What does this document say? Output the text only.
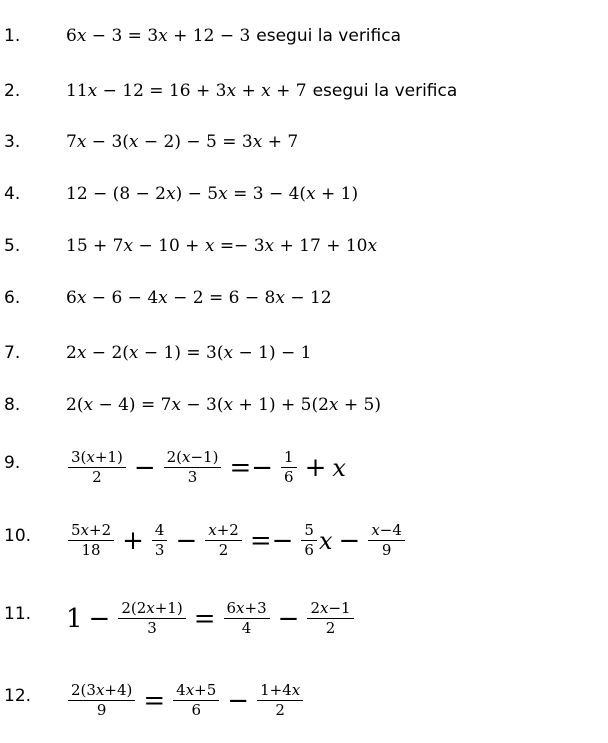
1.	6𝑥 − 3 = 3𝑥 + 12 − 3 esegui la verifica
2.	11𝑥 − 12 = 16 + 3𝑥 + 𝑥 + 7 esegui la verifica
3.	7𝑥 − 3(𝑥 − 2) − 5 = 3𝑥 + 7
4.	12 − (8 − 2𝑥) − 5𝑥 = 3 − 4(𝑥 + 1)
5.	15 + 7𝑥 − 10 + 𝑥 =− 3𝑥 + 17 + 10𝑥
6.	6𝑥 − 6 − 4𝑥 − 2 = 6 − 8𝑥 − 12
7.	2𝑥 − 2(𝑥 − 1) = 3(𝑥 − 1) − 1
8.	2(𝑥 − 4) = 7𝑥 − 3(𝑥 + 1) + 5(2𝑥 + 5)
9.	$\frac{\text{3(𝑥+1)}}{2} - \frac{\text{2(𝑥−1)}}{3} =- \frac{1}{6}$ + 𝑥
10. $\frac{\text{5𝑥+2}}{18} + \frac{4}{3} - \frac{\text{𝑥+2}}{2} =- \frac{5}{6}$ 𝑥 − $\frac{\text{𝑥−4}}{9}$
11. $1 - \frac{\text{2(2𝑥+1)}}{3} = \frac{\text{6𝑥+3}}{4} - \frac{\text{2𝑥−1}}{2}$
12. $\frac{\text{2(3𝑥+4)}}{9} = \frac{\text{4𝑥+5}}{6} - \frac{\text{1+4𝑥}}{2}$
